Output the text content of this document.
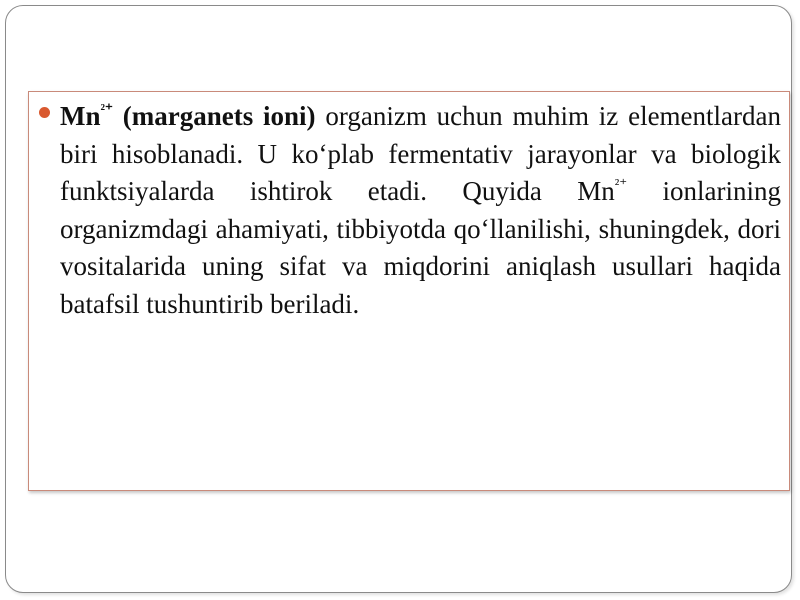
$Mn^{^{2+}}$ (marganets ioni) organizm uchun muhim iz elementlardan biri hisoblanadi. U ko‘plab fermentativ jarayonlar va biologik funktsiyalarda ishtirok etadi. Quyida $Mn^{^{2+}}$ ionlarining organizmdagi ahamiyati, tibbiyotda qo‘llanilishi, shuningdek, dori vositalarida uning sifat va miqdorini aniqlash usullari haqida batafsil tushuntirib beriladi.
